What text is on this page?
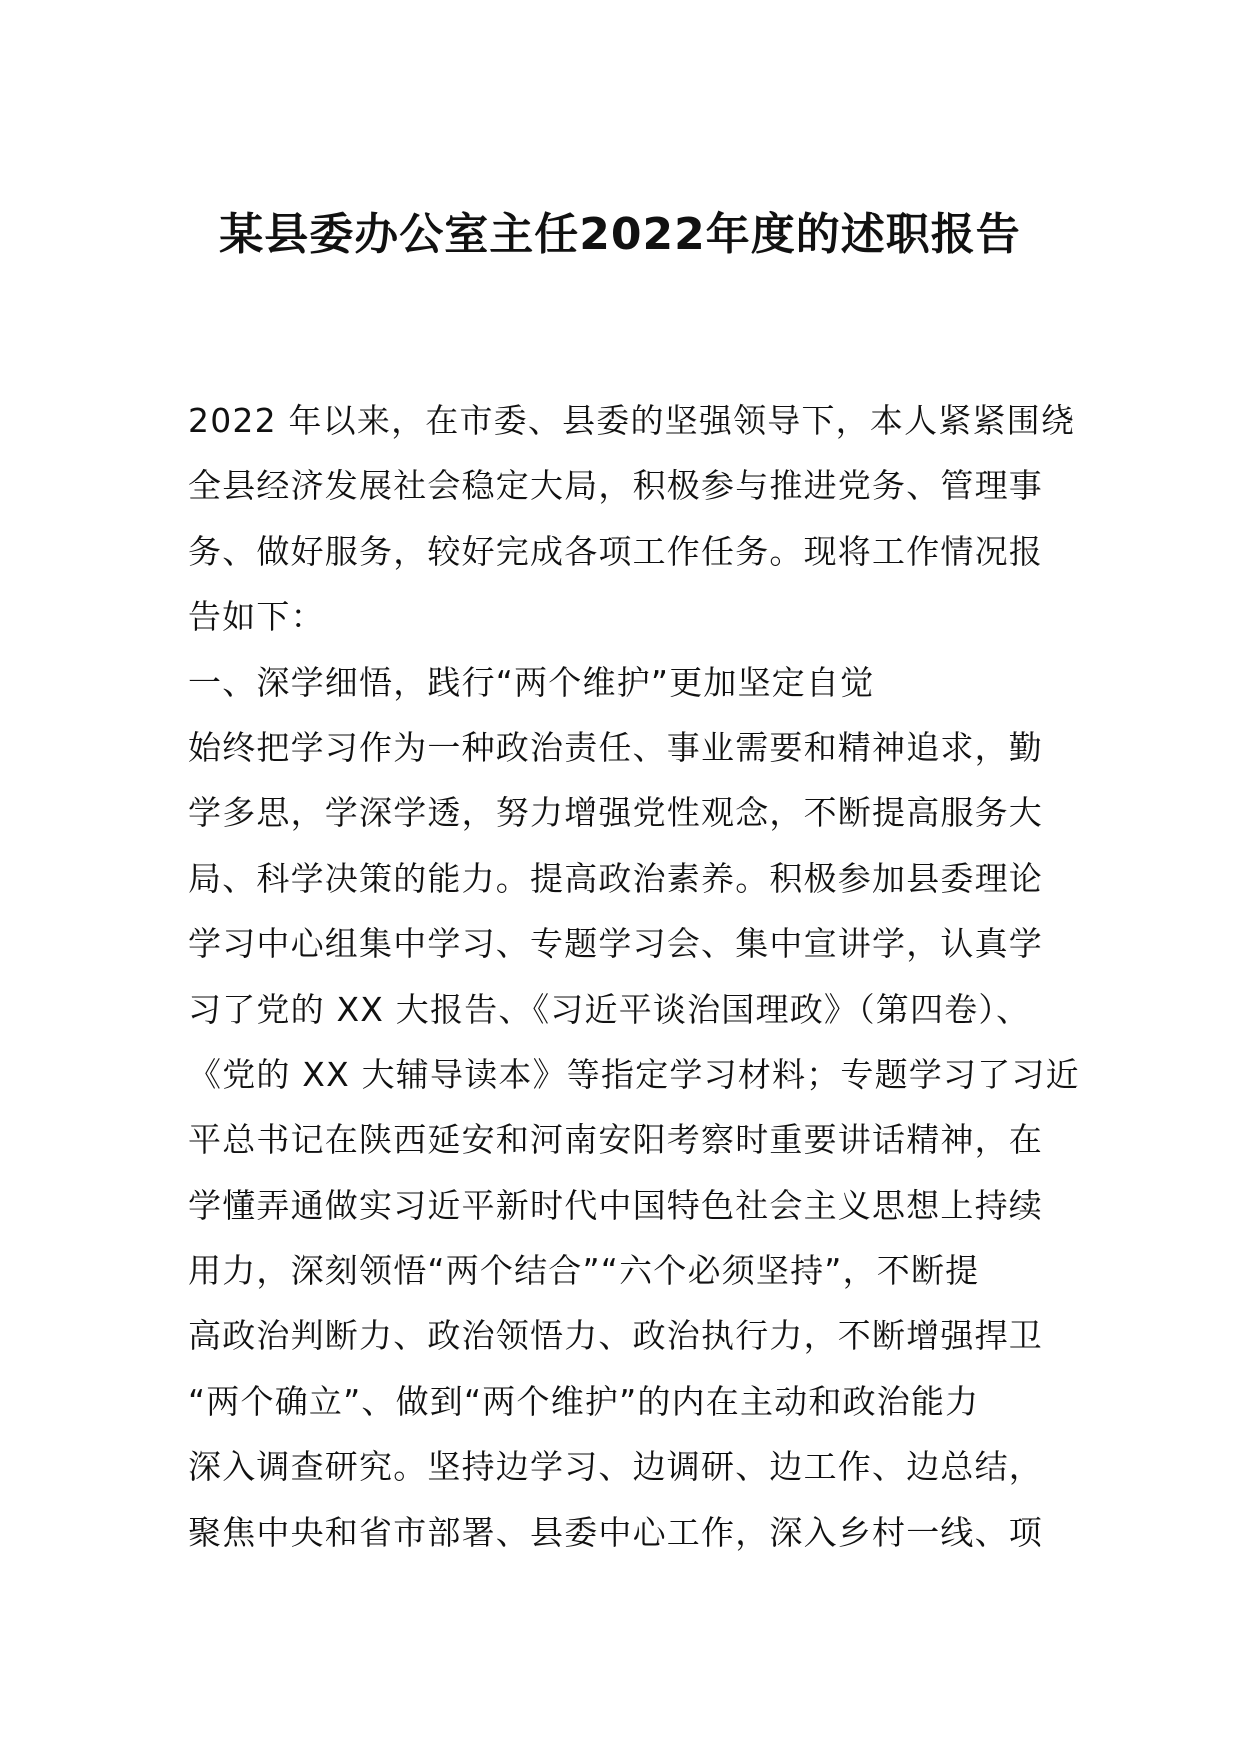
某县委办公室主任2022年度的述职报告
2022 年以来，在市委、县委的坚强领导下，本人紧紧围绕
全县经济发展社会稳定大局，积极参与推进党务、管理事
务、做好服务，较好完成各项工作任务。现将工作情况报
告如下：
一、深学细悟，践行“两个维护”更加坚定自觉
始终把学习作为一种政治责任、事业需要和精神追求，勤
学多思，学深学透，努力增强党性观念，不断提高服务大
局、科学决策的能力。提高政治素养。积极参加县委理论
学习中心组集中学习、专题学习会、集中宣讲学，认真学
习了党的 XX 大报告、《习近平谈治国理政》（第四卷）、
《党的 XX 大辅导读本》等指定学习材料；专题学习了习近
平总书记在陕西延安和河南安阳考察时重要讲话精神，在
学懂弄通做实习近平新时代中国特色社会主义思想上持续
用力，深刻领悟“两个结合”“六个必须坚持”，不断提
高政治判断力、政治领悟力、政治执行力，不断增强捍卫
“两个确立”、做到“两个维护”的内在主动和政治能力
深入调查研究。坚持边学习、边调研、边工作、边总结，
聚焦中央和省市部署、县委中心工作，深入乡村一线、项
